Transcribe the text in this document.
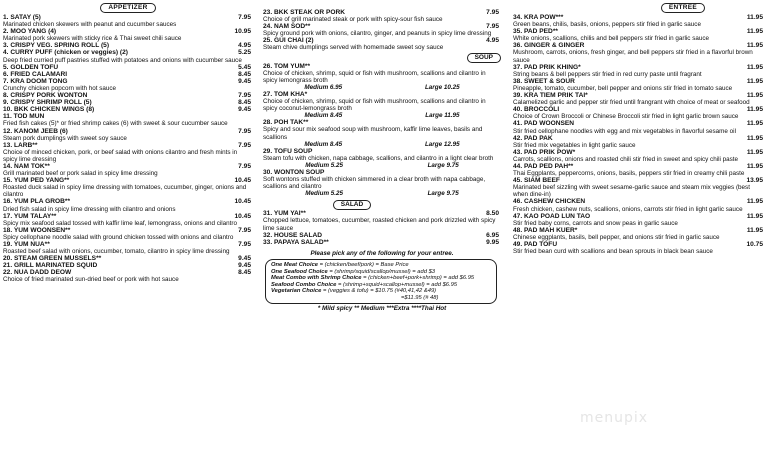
APPETIZER
1. SATAY (5)	7.95
Marinated chicken skewers with peanut and cucumber sauces
2. MOO YANG (4)	10.95
Marinated pork skewers with sticky rice & Thai sweet chili sauce
3. CRISPY VEG. SPRING ROLL (5)	4.95
4. CURRY PUFF (chicken or veggies) (2)	5.25
Deep fried curried puff pastries stuffed with potatoes and onions with cucumber sauce
5. GOLDEN TOFU	5.45
6. FRIED CALAMARI	8.45
7. KRA DOOM TONG	9.45
Crunchy chicken popcorn with hot sauce
8. CRISPY PORK WONTON	7.95
9. CRISPY SHRIMP ROLL (5)	8.45
10. BKK CHICKEN WINGS (8)	9.45
11. TOD MUN
Fried fish cakes (5)* or fried shrimp cakes (6) with sweet & sour cucumber sauce
12. KANOM JEEB (6)	7.95
Steam pork dumplings with sweet soy sauce
13. LARB**	7.95
Choice of minced chicken, pork, or beef salad with onions cilantro and fresh mints in spicy lime dressing
14. NAM TOK**	7.95
Grill marinated beef or pork salad in spicy lime dressing
15. YUM PED YANG**	10.45
Roasted duck salad in spicy lime dressing with tomatoes, cucumber, ginger, onions and cilantro
16. YUM PLA GROB**	10.45
Dried fish salad in spicy lime dressing with cilantro and onions
17. YUM TALAY**	10.45
Spicy mix seafood salad tossed with kaffir lime leaf, lemongrass, onions and cilantro
18. YUM WOONSEN**	7.95
Spicy cellophane noodle salad with ground chicken tossed with onions and cilantro
19. YUM NUA**	7.95
Roasted beef salad with onions, cucumber, tomato, cilantro in spicy lime dressing
20. STEAM GREEN MUSSELS**	9.45
21. GRILL MARINATED SQUID	9.45
22. NUA DADD DEOW	8.45
Choice of fried marinated sun-dried beef or pork with hot sauce
23. BKK STEAK OR PORK	7.95
Choice of grill marinated steak or pork with spicy-sour fish sauce
24. NAM SOD**	7.95
Spicy ground pork with onions, cilantro, ginger, and peanuts in spicy lime dressing
25. GUI CHAI (2)	4.95
Steam chive dumplings served with homemade sweet soy sauce
SOUP
26. TOM YUM**
Choice of chicken, shrimp, squid or fish with mushroom, scallions and cilantro in spicy lemongrass broth
Medium 6.95	Large 10.25
27. TOM KHA*
Choice of chicken, shrimp, squid or fish with mushroom, scallions and cilantro in spicy coconut-lemongrass broth
Medium 8.45	Large 11.95
28. POH TAK**
Spicy and sour mix seafood soup with mushroom, kaffir lime leaves, basils and scallions
Medium 8.45	Large 12.95
29. TOFU SOUP
Steam tofu with chicken, napa cabbage, scallions, and cilantro in a light clear broth
Medium 5.25	Large 9.75
30. WONTON SOUP
Soft wontons stuffed with chicken simmered in a clear broth with napa cabbage, scallions and cilantro
Medium 5.25	Large 9.75
SALAD
31. YUM YAI**	8.50
Chopped lettuce, tomatoes, cucumber, roasted chicken and pork drizzled with spicy lime sauce
32. HOUSE SALAD	6.95
33. PAPAYA SALAD**	9.95
Please pick any of the following for your entree.
One Meat Choice = (chicken/beef/pork) = Base Price
One Seafood Choice = (shrimp/squid/scallop/mussel) = add $3
Meat Combo with Shrimp Choice = (chicken+beef+pork+shrimp) = add $6.95
Seafood Combo Choice = (shrimp+squid+scallop+mussel) = add $6.95
Vegetarian Choice = (veggies & tofu) = $10.75 (#40,41,42 &49)
=$11.95 (# 48)
* Mild spicy ** Medium ***Extra ****Thai Hot
ENTREE
34. KRA POW***	11.95
Green beans, chilis, basils, onions, peppers stir fried in garlic sauce
35. PAD PED**	11.95
White onions, scallions, chilis and bell peppers stir fried in garlic sauce
36. GINGER & GINGER	11.95
Mushroom, carrots, onions, fresh ginger, and bell peppers stir fried in a flavorful brown sauce
37. PAD PRIK KHING*	11.95
String beans & bell peppers stir fried in red curry paste until fragrant
38. SWEET & SOUR	11.95
Pineapple, tomato, cucumber, bell pepper and onions stir fried in tomato sauce
39. KRA TIEM PRIK TAI*	11.95
Calamelized garlic and pepper stir fried until frangrant with choice of meat or seafood
40. BROCCOLI	11.95
Choice of Crown Broccoli or Chinese Broccoli stir fried in light garlic brown sauce
41. PAD WOONSEN	11.95
Stir fried cellophane noodles with egg and mix vegetables in flavorful sesame oil
42. PAD PAK	11.95
Stir fried mix vegetables in light garlic sauce
43. PAD PRIK POW*	11.95
Carrots, scallions, onions and roasted chili stir fried in sweet and spicy chili paste
44. PAD PED PAH**	11.95
Thai Eggplants, peppercorns, onions, basils, peppers stir fried in creamy chili paste
45. SIAM BEEF	13.95
Marinated beef sizzling with sweet sesame-garlic sauce and steam mix veggies (best when dine-in)
46. CASHEW CHICKEN	11.95
Fresh chicken, cashew nuts, scallions, onions, carrots stir fried in light garlic sauce
47. KAO POAD LUN TAO	11.95
Stir fried baby corns, carrots and snow peas in garlic sauce
48. PAD MAH KUER*	11.95
Chinese eggplants, basils, bell pepper, and onions stir fried in garlic sauce
49. PAD TOFU	10.75
Stir fried bean curd with scallions and bean sprouts in black bean sauce
menupix
